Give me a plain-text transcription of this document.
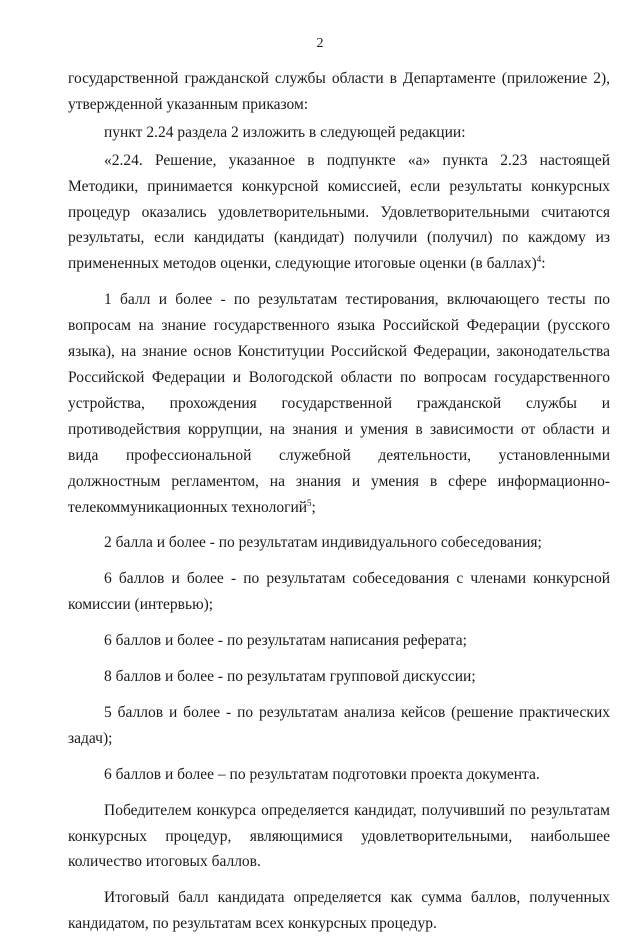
2

государственной гражданской службы области в Департаменте (приложение 2), утвержденной указанным приказом:

пункт 2.24 раздела 2 изложить в следующей редакции:

«2.24. Решение, указанное в подпункте «а» пункта 2.23 настоящей Методики, принимается конкурсной комиссией, если результаты конкурсных процедур оказались удовлетворительными. Удовлетворительными считаются результаты, если кандидаты (кандидат) получили (получил) по каждому из примененных методов оценки, следующие итоговые оценки (в баллах)$^4$:

1 балл и более - по результатам тестирования, включающего тесты по вопросам на знание государственного языка Российской Федерации (русского языка), на знание основ Конституции Российской Федерации, законодательства Российской Федерации и Вологодской области по вопросам государственного устройства, прохождения государственной гражданской службы и противодействия коррупции, на знания и умения в зависимости от области и вида профессиональной служебной деятельности, установленными должностным регламентом, на знания и умения в сфере информационно-телекоммуникационных технологий$^5$;

2 балла и более - по результатам индивидуального собеседования;

6 баллов и более - по результатам собеседования с членами конкурсной комиссии (интервью);

6 баллов и более - по результатам написания реферата;

8 баллов и более - по результатам групповой дискуссии;

5 баллов и более - по результатам анализа кейсов (решение практических задач);

6 баллов и более – по результатам подготовки проекта документа.

Победителем конкурса определяется кандидат, получивший по результатам конкурсных процедур, являющимися удовлетворительными, наибольшее количество итоговых баллов.

Итоговый балл кандидата определяется как сумма баллов, полученных кандидатом, по результатам всех конкурсных процедур.
